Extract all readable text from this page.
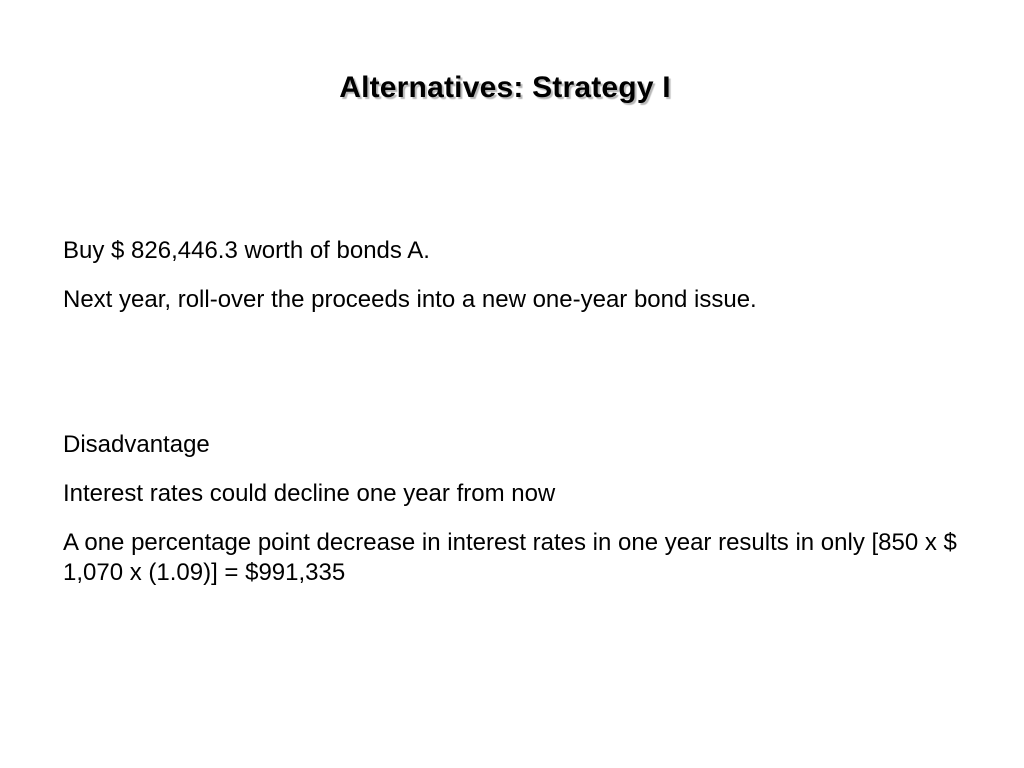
Alternatives: Strategy I

Buy $ 826,446.3 worth of bonds A.

Next year, roll-over the proceeds into a new one-year bond issue.

Disadvantage

Interest rates could decline one year from now

A one percentage point decrease in interest rates in one year results in only [850 x $ 1,070 x (1.09)] = $991,335
